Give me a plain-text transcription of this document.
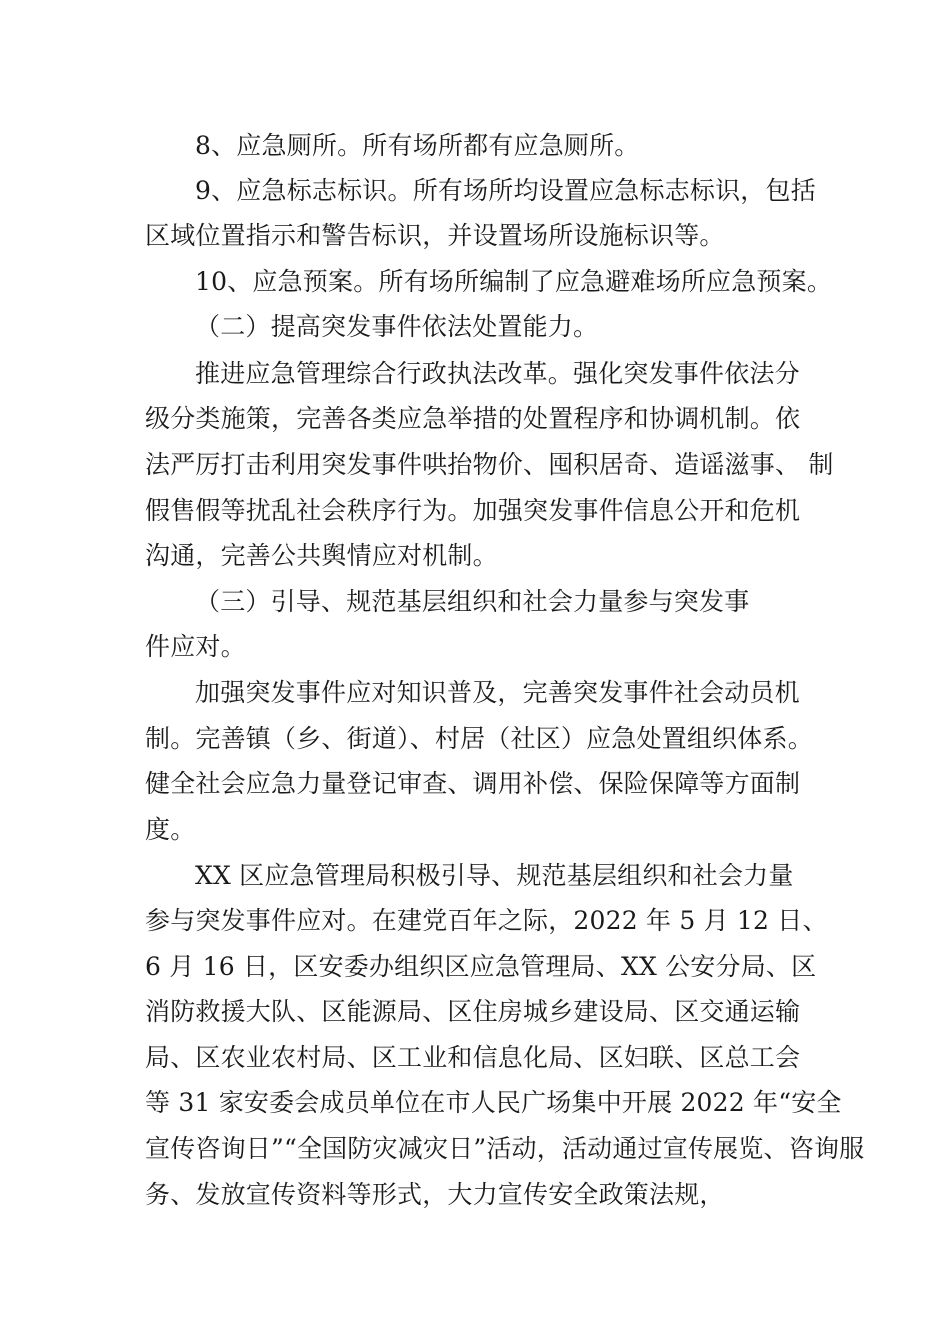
8、应急厕所。所有场所都有应急厕所。
9、应急标志标识。所有场所均设置应急标志标识，包括
区域位置指示和警告标识，并设置场所设施标识等。
10、应急预案。所有场所编制了应急避难场所应急预案。
（二）提高突发事件依法处置能力。
推进应急管理综合行政执法改革。强化突发事件依法分
级分类施策，完善各类应急举措的处置程序和协调机制。依
法严厉打击利用突发事件哄抬物价、囤积居奇、造谣滋事、 制
假售假等扰乱社会秩序行为。加强突发事件信息公开和危机
沟通，完善公共舆情应对机制。
（三）引导、规范基层组织和社会力量参与突发事
件应对。
加强突发事件应对知识普及，完善突发事件社会动员机
制。完善镇（乡、街道）、村居（社区）应急处置组织体系。
健全社会应急力量登记审查、调用补偿、保险保障等方面制
度。
XX 区应急管理局积极引导、规范基层组织和社会力量
参与突发事件应对。在建党百年之际，2022 年 5 月 12 日、
6 月 16 日，区安委办组织区应急管理局、XX 公安分局、区
消防救援大队、区能源局、区住房城乡建设局、区交通运输
局、区农业农村局、区工业和信息化局、区妇联、区总工会
等 31 家安委会成员单位在市人民广场集中开展 2022 年“安全
宣传咨询日”“全国防灾减灾日”活动，活动通过宣传展览、咨询服
务、发放宣传资料等形式，大力宣传安全政策法规，
